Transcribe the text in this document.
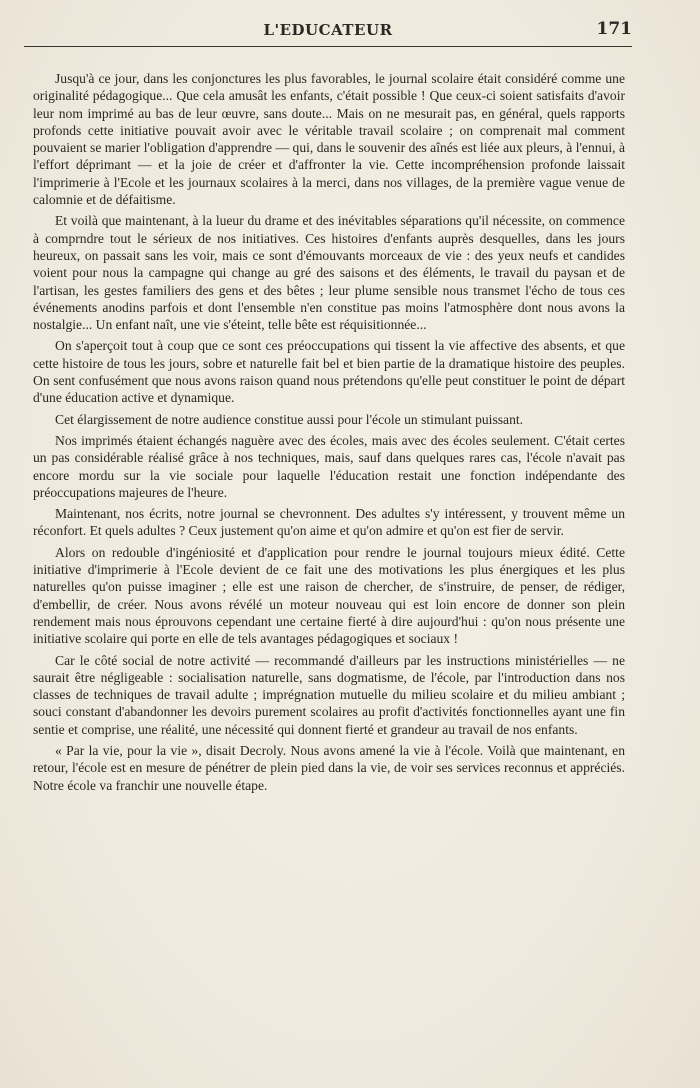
L'EDUCATEUR	171

Jusqu'à ce jour, dans les conjonctures les plus favorables, le journal scolaire était considéré comme une originalité pédagogique... Que cela amusât les enfants, c'était possible ! Que ceux-ci soient satisfaits d'avoir leur nom imprimé au bas de leur œuvre, sans doute... Mais on ne mesurait pas, en général, quels rapports profonds cette initiative pouvait avoir avec le véritable travail scolaire ; on comprenait mal comment pouvaient se marier l'obligation d'apprendre — qui, dans le souvenir des aînés est liée aux pleurs, à l'ennui, à l'effort déprimant — et la joie de créer et d'affronter la vie. Cette incompréhension profonde laissait l'imprimerie à l'Ecole et les journaux scolaires à la merci, dans nos villages, de la première vague venue de calomnie et de défaitisme.

Et voilà que maintenant, à la lueur du drame et des inévitables séparations qu'il nécessite, on commence à comprndre tout le sérieux de nos initiatives. Ces histoires d'enfants auprès desquelles, dans les jours heureux, on passait sans les voir, mais ce sont d'émouvants morceaux de vie : des yeux neufs et candides voient pour nous la campagne qui change au gré des saisons et des éléments, le travail du paysan et de l'artisan, les gestes familiers des gens et des bêtes ; leur plume sensible nous transmet l'écho de tous ces événements anodins parfois et dont l'ensemble n'en constitue pas moins l'atmosphère dont nous avons la nostalgie... Un enfant naît, une vie s'éteint, telle bête est réquisitionnée...

On s'aperçoit tout à coup que ce sont ces préoccupations qui tissent la vie affective des absents, et que cette histoire de tous les jours, sobre et naturelle fait bel et bien partie de la dramatique histoire des peuples. On sent confusément que nous avons raison quand nous prétendons qu'elle peut constituer le point de départ d'une éducation active et dynamique.

Cet élargissement de notre audience constitue aussi pour l'école un stimulant puissant.

Nos imprimés étaient échangés naguère avec des écoles, mais avec des écoles seulement. C'était certes un pas considérable réalisé grâce à nos techniques, mais, sauf dans quelques rares cas, l'école n'avait pas encore mordu sur la vie sociale pour laquelle l'éducation restait une fonction indépendante des préoccupations majeures de l'heure.

Maintenant, nos écrits, notre journal se chevronnent. Des adultes s'y intéressent, y trouvent même un réconfort. Et quels adultes ? Ceux justement qu'on aime et qu'on admire et qu'on est fier de servir.

Alors on redouble d'ingéniosité et d'application pour rendre le journal toujours mieux édité. Cette initiative d'imprimerie à l'Ecole devient de ce fait une des motivations les plus énergiques et les plus naturelles qu'on puisse imaginer ; elle est une raison de chercher, de s'instruire, de penser, de rédiger, d'embellir, de créer. Nous avons révélé un moteur nouveau qui est loin encore de donner son plein rendement mais nous éprouvons cependant une certaine fierté à dire aujourd'hui : qu'on nous présente une initiative scolaire qui porte en elle de tels avantages pédagogiques et sociaux !

Car le côté social de notre activité — recommandé d'ailleurs par les instructions ministérielles — ne saurait être négligeable : socialisation naturelle, sans dogmatisme, de l'école, par l'introduction dans nos classes de techniques de travail adulte ; imprégnation mutuelle du milieu scolaire et du milieu ambiant ; souci constant d'abandonner les devoirs purement scolaires au profit d'activités fonctionnelles ayant une fin sentie et comprise, une réalité, une nécessité qui donnent fierté et grandeur au travail de nos enfants.

« Par la vie, pour la vie », disait Decroly. Nous avons amené la vie à l'école. Voilà que maintenant, en retour, l'école est en mesure de pénétrer de plein pied dans la vie, de voir ses services reconnus et appréciés. Notre école va franchir une nouvelle étape.
